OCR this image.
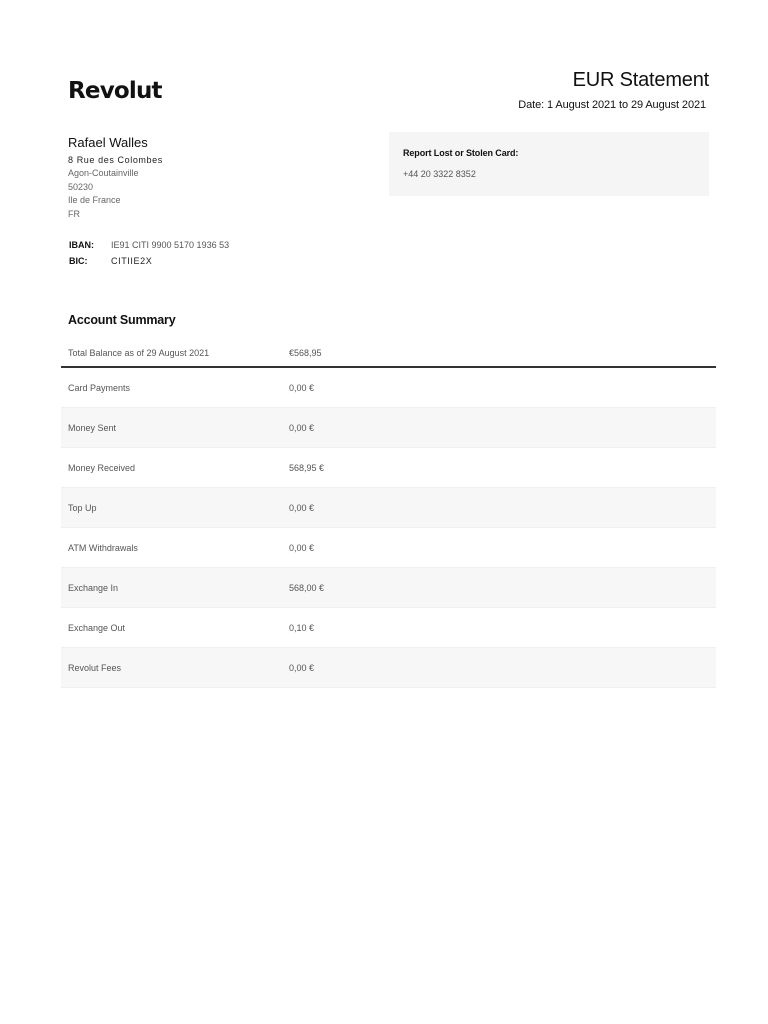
Revolut	EUR Statement
Date: 1 August 2021 to 29 August 2021
Rafael Walles
8 Rue des Colombes
Agon-Coutainville
50230
Ile de France
FR
IBAN:	IE91 CITI 9900 5170 1936 53
BIC:	CITIIE2X
Report Lost or Stolen Card:
+44 20 3322 8352
Account Summary
Total Balance as of 29 August 2021	€568,95
Card Payments	0,00 €
Money Sent	0,00 €
Money Received	568,95 €
Top Up	0,00 €
ATM Withdrawals	0,00 €
Exchange In	568,00 €
Exchange Out	0,10 €
Revolut Fees	0,00 €
